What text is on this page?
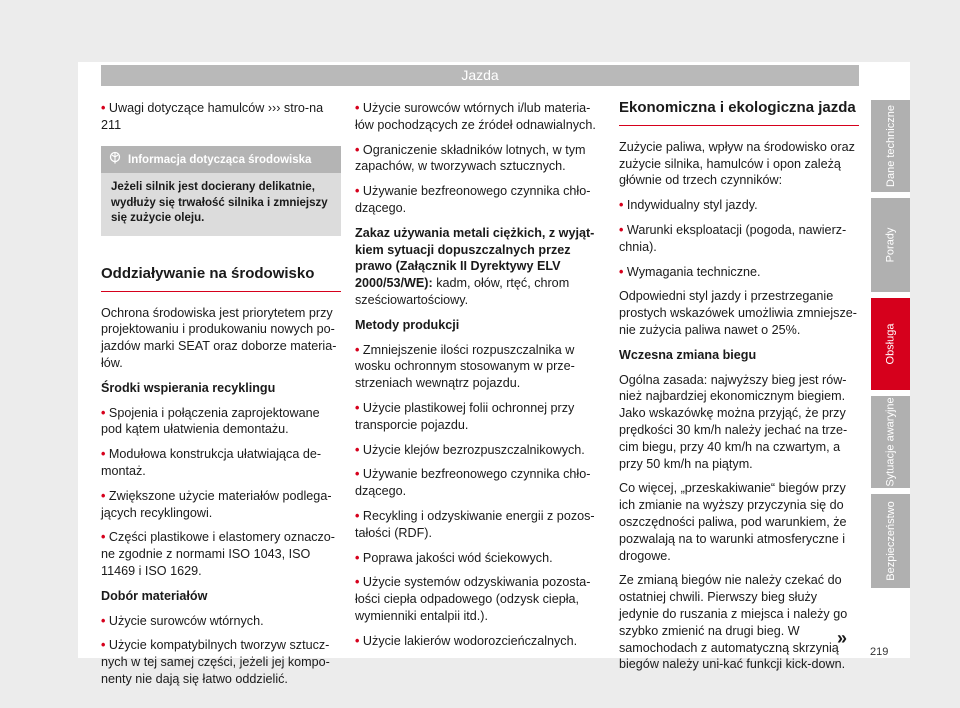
Jazda

• Uwagi dotyczące hamulców ››› stro-na 211

Informacja dotycząca środowiska
Jeżeli silnik jest docierany delikatnie, wydłuży się trwałość silnika i zmniejszy się zużycie oleju.
Oddziaływanie na środowisko

Ochrona środowiska jest priorytetem przy projektowaniu i produkowaniu nowych po-jazdów marki SEAT oraz doborze materia-łów.

Środki wspierania recyklingu

• Spojenia i połączenia zaprojektowane pod kątem ułatwienia demontażu.

• Modułowa konstrukcja ułatwiająca de-montaż.

• Zwiększone użycie materiałów podlega-jących recyklingowi.

• Części plastikowe i elastomery oznaczo-ne zgodnie z normami ISO 1043, ISO 11469 i ISO 1629.

Dobór materiałów

• Użycie surowców wtórnych.

• Użycie kompatybilnych tworzyw sztucz-nych w tej samej części, jeżeli jej kompo-nenty nie dają się łatwo oddzielić.

• Użycie surowców wtórnych i/lub materia-łów pochodzących ze źródeł odnawialnych.

• Ograniczenie składników lotnych, w tym zapachów, w tworzywach sztucznych.

• Używanie bezfreonowego czynnika chło-dzącego.

Zakaz używania metali ciężkich, z wyjąt-kiem sytuacji dopuszczalnych przez prawo (Załącznik II Dyrektywy ELV 2000/53/WE): kadm, ołów, rtęć, chrom sześciowartościowy.

Metody produkcji

• Zmniejszenie ilości rozpuszczalnika w wosku ochronnym stosowanym w prze-strzeniach wewnątrz pojazdu.

• Użycie plastikowej folii ochronnej przy transporcie pojazdu.

• Użycie klejów bezrozpuszczalnikowych.

• Używanie bezfreonowego czynnika chło-dzącego.

• Recykling i odzyskiwanie energii z pozos-tałości (RDF).

• Poprawa jakości wód ściekowych.

• Użycie systemów odzyskiwania pozosta-łości ciepła odpadowego (odzysk ciepła, wymienniki entalpii itd.).

• Użycie lakierów wodorozcieńczalnych.

Ekonomiczna i ekologiczna jazda

Zużycie paliwa, wpływ na środowisko oraz zużycie silnika, hamulców i opon zależą głównie od trzech czynników:

• Indywidualny styl jazdy.

• Warunki eksploatacji (pogoda, nawierz-chnia).

• Wymagania techniczne.

Odpowiedni styl jazdy i przestrzeganie prostych wskazówek umożliwia zmniejsze-nie zużycia paliwa nawet o 25%.

Wczesna zmiana biegu

Ogólna zasada: najwyższy bieg jest rów-nież najbardziej ekonomicznym biegiem. Jako wskazówkę można przyjąć, że przy prędkości 30 km/h należy jechać na trze-cim biegu, przy 40 km/h na czwartym, a przy 50 km/h na piątym.

Co więcej, „przeskakiwanie“ biegów przy ich zmianie na wyższy przyczynia się do oszczędności paliwa, pod warunkiem, że pozwalają na to warunki atmosferyczne i drogowe.

Ze zmianą biegów nie należy czekać do ostatniej chwili. Pierwszy bieg służy jedynie do ruszania z miejsca i należy go szybko zmienić na drugi bieg. W samochodach z automatyczną skrzynią biegów należy uni-kać funkcji kick-down.

Dane techniczne
Porady
Obsługa
Sytuacje awaryjne
Bezpieczeństwo
»
219
